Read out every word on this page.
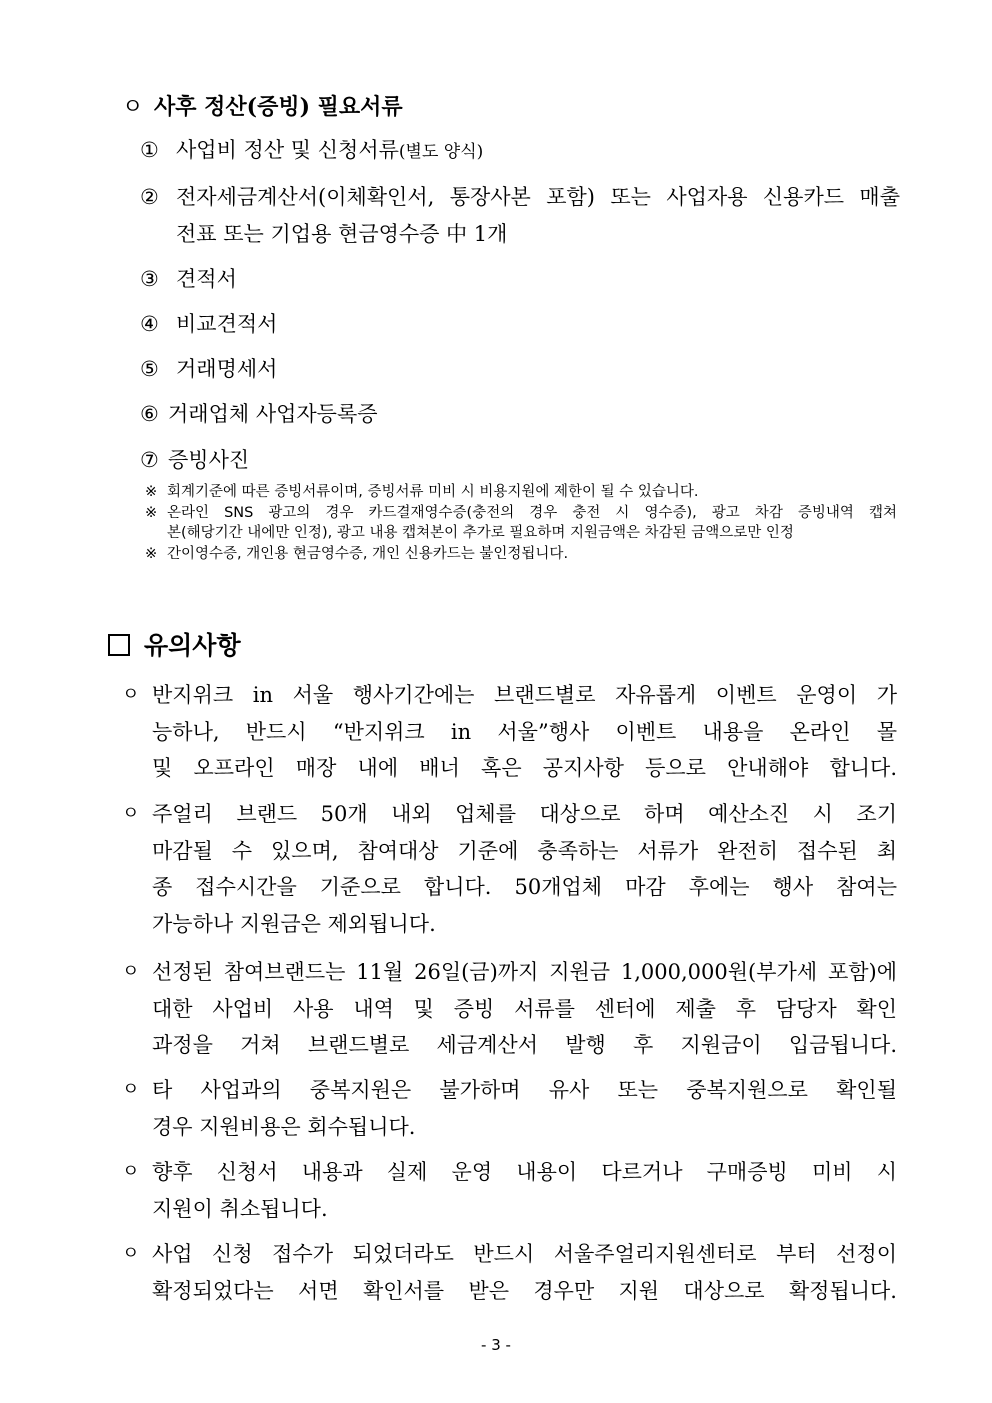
ㅇ 사후 정산(증빙) 필요서류
① 사업비 정산 및 신청서류(별도 양식)
② 전자세금계산서(이체확인서, 통장사본 포함) 또는 사업자용 신용카드 매출
전표 또는 기업용 현금영수증 中 1개
③ 견적서
④ 비교견적서
⑤ 거래명세서
⑥ 거래업체 사업자등록증
⑦ 증빙사진
※ 회계기준에 따른 증빙서류이며, 증빙서류 미비 시 비용지원에 제한이 될 수 있습니다.
※ 온라인 SNS 광고의 경우 카드결재영수증(충전의 경우 충전 시 영수증), 광고 차감 증빙내역 캡쳐
본(해당기간 내에만 인정), 광고 내용 캡쳐본이 추가로 필요하며 지원금액은 차감된 금액으로만 인정
※ 간이영수증, 개인용 현금영수증, 개인 신용카드는 불인정됩니다.
유의사항
ㅇ 반지위크 in 서울 행사기간에는 브랜드별로 자유롭게 이벤트 운영이 가
능하나, 반드시 “반지위크 in 서울”행사 이벤트 내용을 온라인 몰
및 오프라인 매장 내에 배너 혹은 공지사항 등으로 안내해야 합니다.
ㅇ 주얼리 브랜드 50개 내외 업체를 대상으로 하며 예산소진 시 조기
마감될 수 있으며, 참여대상 기준에 충족하는 서류가 완전히 접수된 최
종 접수시간을 기준으로 합니다. 50개업체 마감 후에는 행사 참여는
가능하나 지원금은 제외됩니다.
ㅇ 선정된 참여브랜드는 11월 26일(금)까지 지원금 1,000,000원(부가세 포함)에
대한 사업비 사용 내역 및 증빙 서류를 센터에 제출 후 담당자 확인
과정을 거쳐 브랜드별로 세금계산서 발행 후 지원금이 입금됩니다.
ㅇ 타 사업과의 중복지원은 불가하며 유사 또는 중복지원으로 확인될
경우 지원비용은 회수됩니다.
ㅇ 향후 신청서 내용과 실제 운영 내용이 다르거나 구매증빙 미비 시
지원이 취소됩니다.
ㅇ 사업 신청 접수가 되었더라도 반드시 서울주얼리지원센터로 부터 선정이
확정되었다는 서면 확인서를 받은 경우만 지원 대상으로 확정됩니다.
- 3 -
